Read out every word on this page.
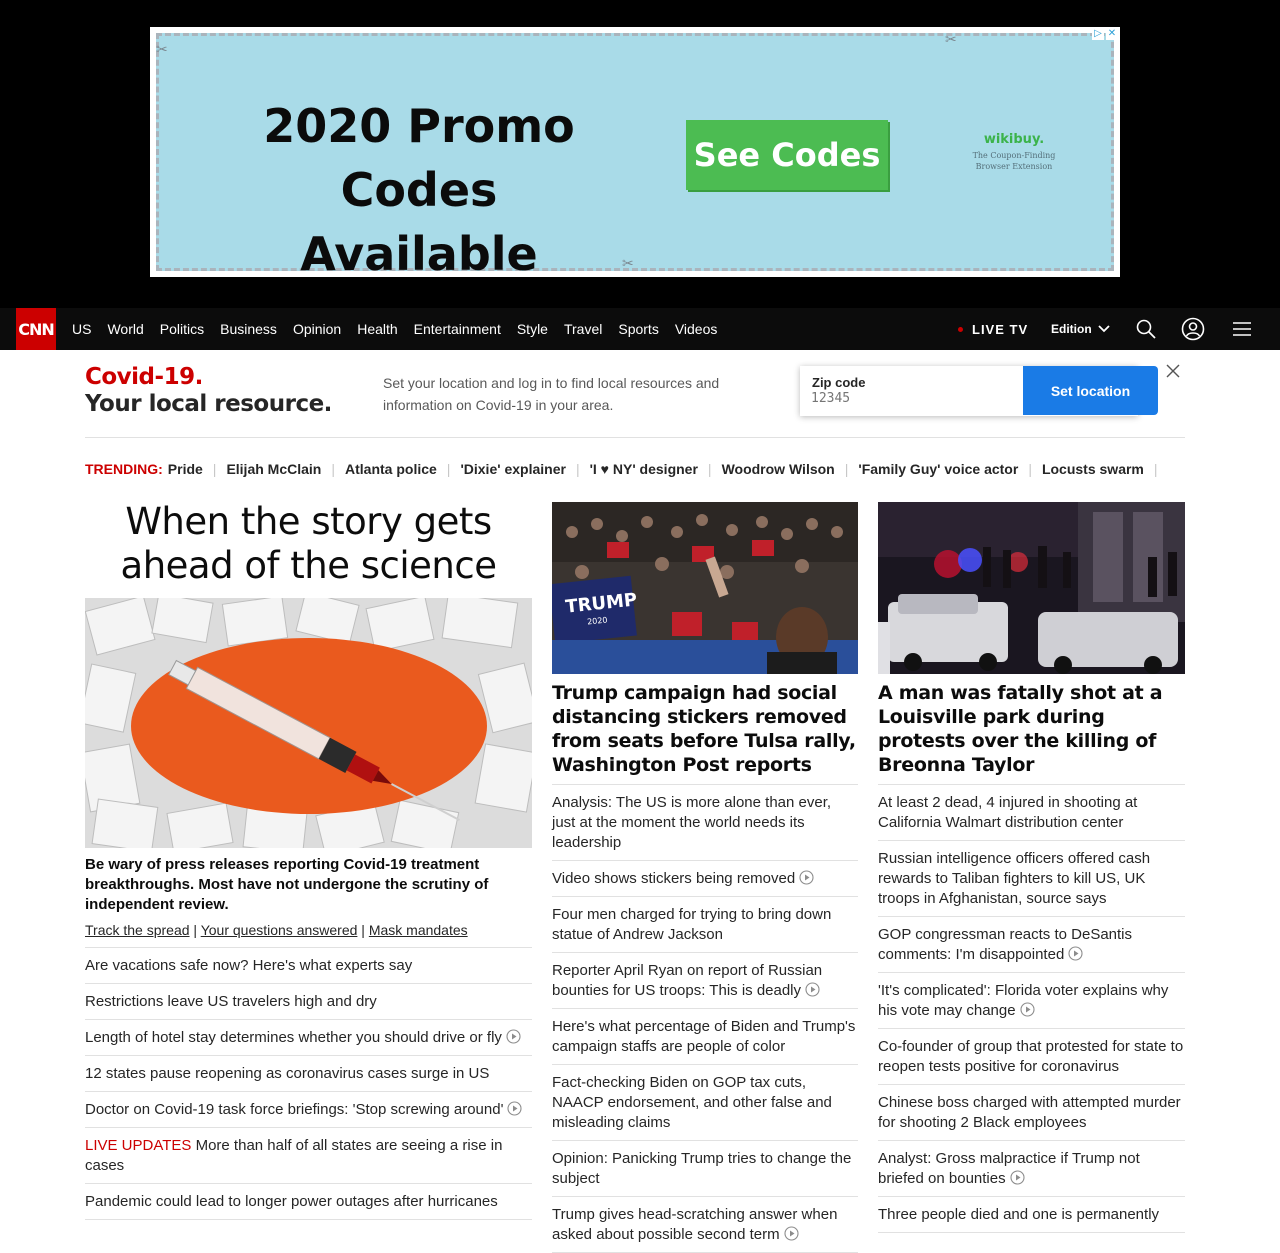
2020 Promo Codes Available
See Codes	wikibuy.
The Coupon-Finding Browser Extension
✂
✂
✂
▷ ✕
CNN US World Politics Business Opinion Health Entertainment Style Travel Sports Videos	LIVE TV Edition
Covid-19.
Your local resource.
Set your location and log in to find local resources and information on Covid-19 in your area.
Zip code
12345	Set location
TRENDING: Pride | Elijah McClain | Atlanta police | 'Dixie' explainer | 'I ♥ NY' designer | Woodrow Wilson | 'Family Guy' voice actor | Locusts swarm |
When the story gets ahead of the science
Be wary of press releases reporting Covid-19 treatment breakthroughs. Most have not undergone the scrutiny of independent review.
Track the spread | Your questions answered | Mask mandates
Are vacations safe now? Here's what experts say
Restrictions leave US travelers high and dry
Length of hotel stay determines whether you should drive or fly
12 states pause reopening as coronavirus cases surge in US
Doctor on Covid-19 task force briefings: 'Stop screwing around'
LIVE UPDATES More than half of all states are seeing a rise in cases
Pandemic could lead to longer power outages after hurricanes
TRUMP
2020
Trump campaign had social distancing stickers removed from seats before Tulsa rally, Washington Post reports
Analysis: The US is more alone than ever, just at the moment the world needs its leadership
Video shows stickers being removed
Four men charged for trying to bring down statue of Andrew Jackson
Reporter April Ryan on report of Russian bounties for US troops: This is deadly
Here's what percentage of Biden and Trump's campaign staffs are people of color
Fact-checking Biden on GOP tax cuts, NAACP endorsement, and other false and misleading claims
Opinion: Panicking Trump tries to change the subject
Trump gives head-scratching answer when asked about possible second term
A man was fatally shot at a Louisville park during protests over the killing of Breonna Taylor
At least 2 dead, 4 injured in shooting at California Walmart distribution center
Russian intelligence officers offered cash rewards to Taliban fighters to kill US, UK troops in Afghanistan, source says
GOP congressman reacts to DeSantis comments: I'm disappointed
'It's complicated': Florida voter explains why his vote may change
Co-founder of group that protested for state to reopen tests positive for coronavirus
Chinese boss charged with attempted murder for shooting 2 Black employees
Analyst: Gross malpractice if Trump not briefed on bounties
Three people died and one is permanently
